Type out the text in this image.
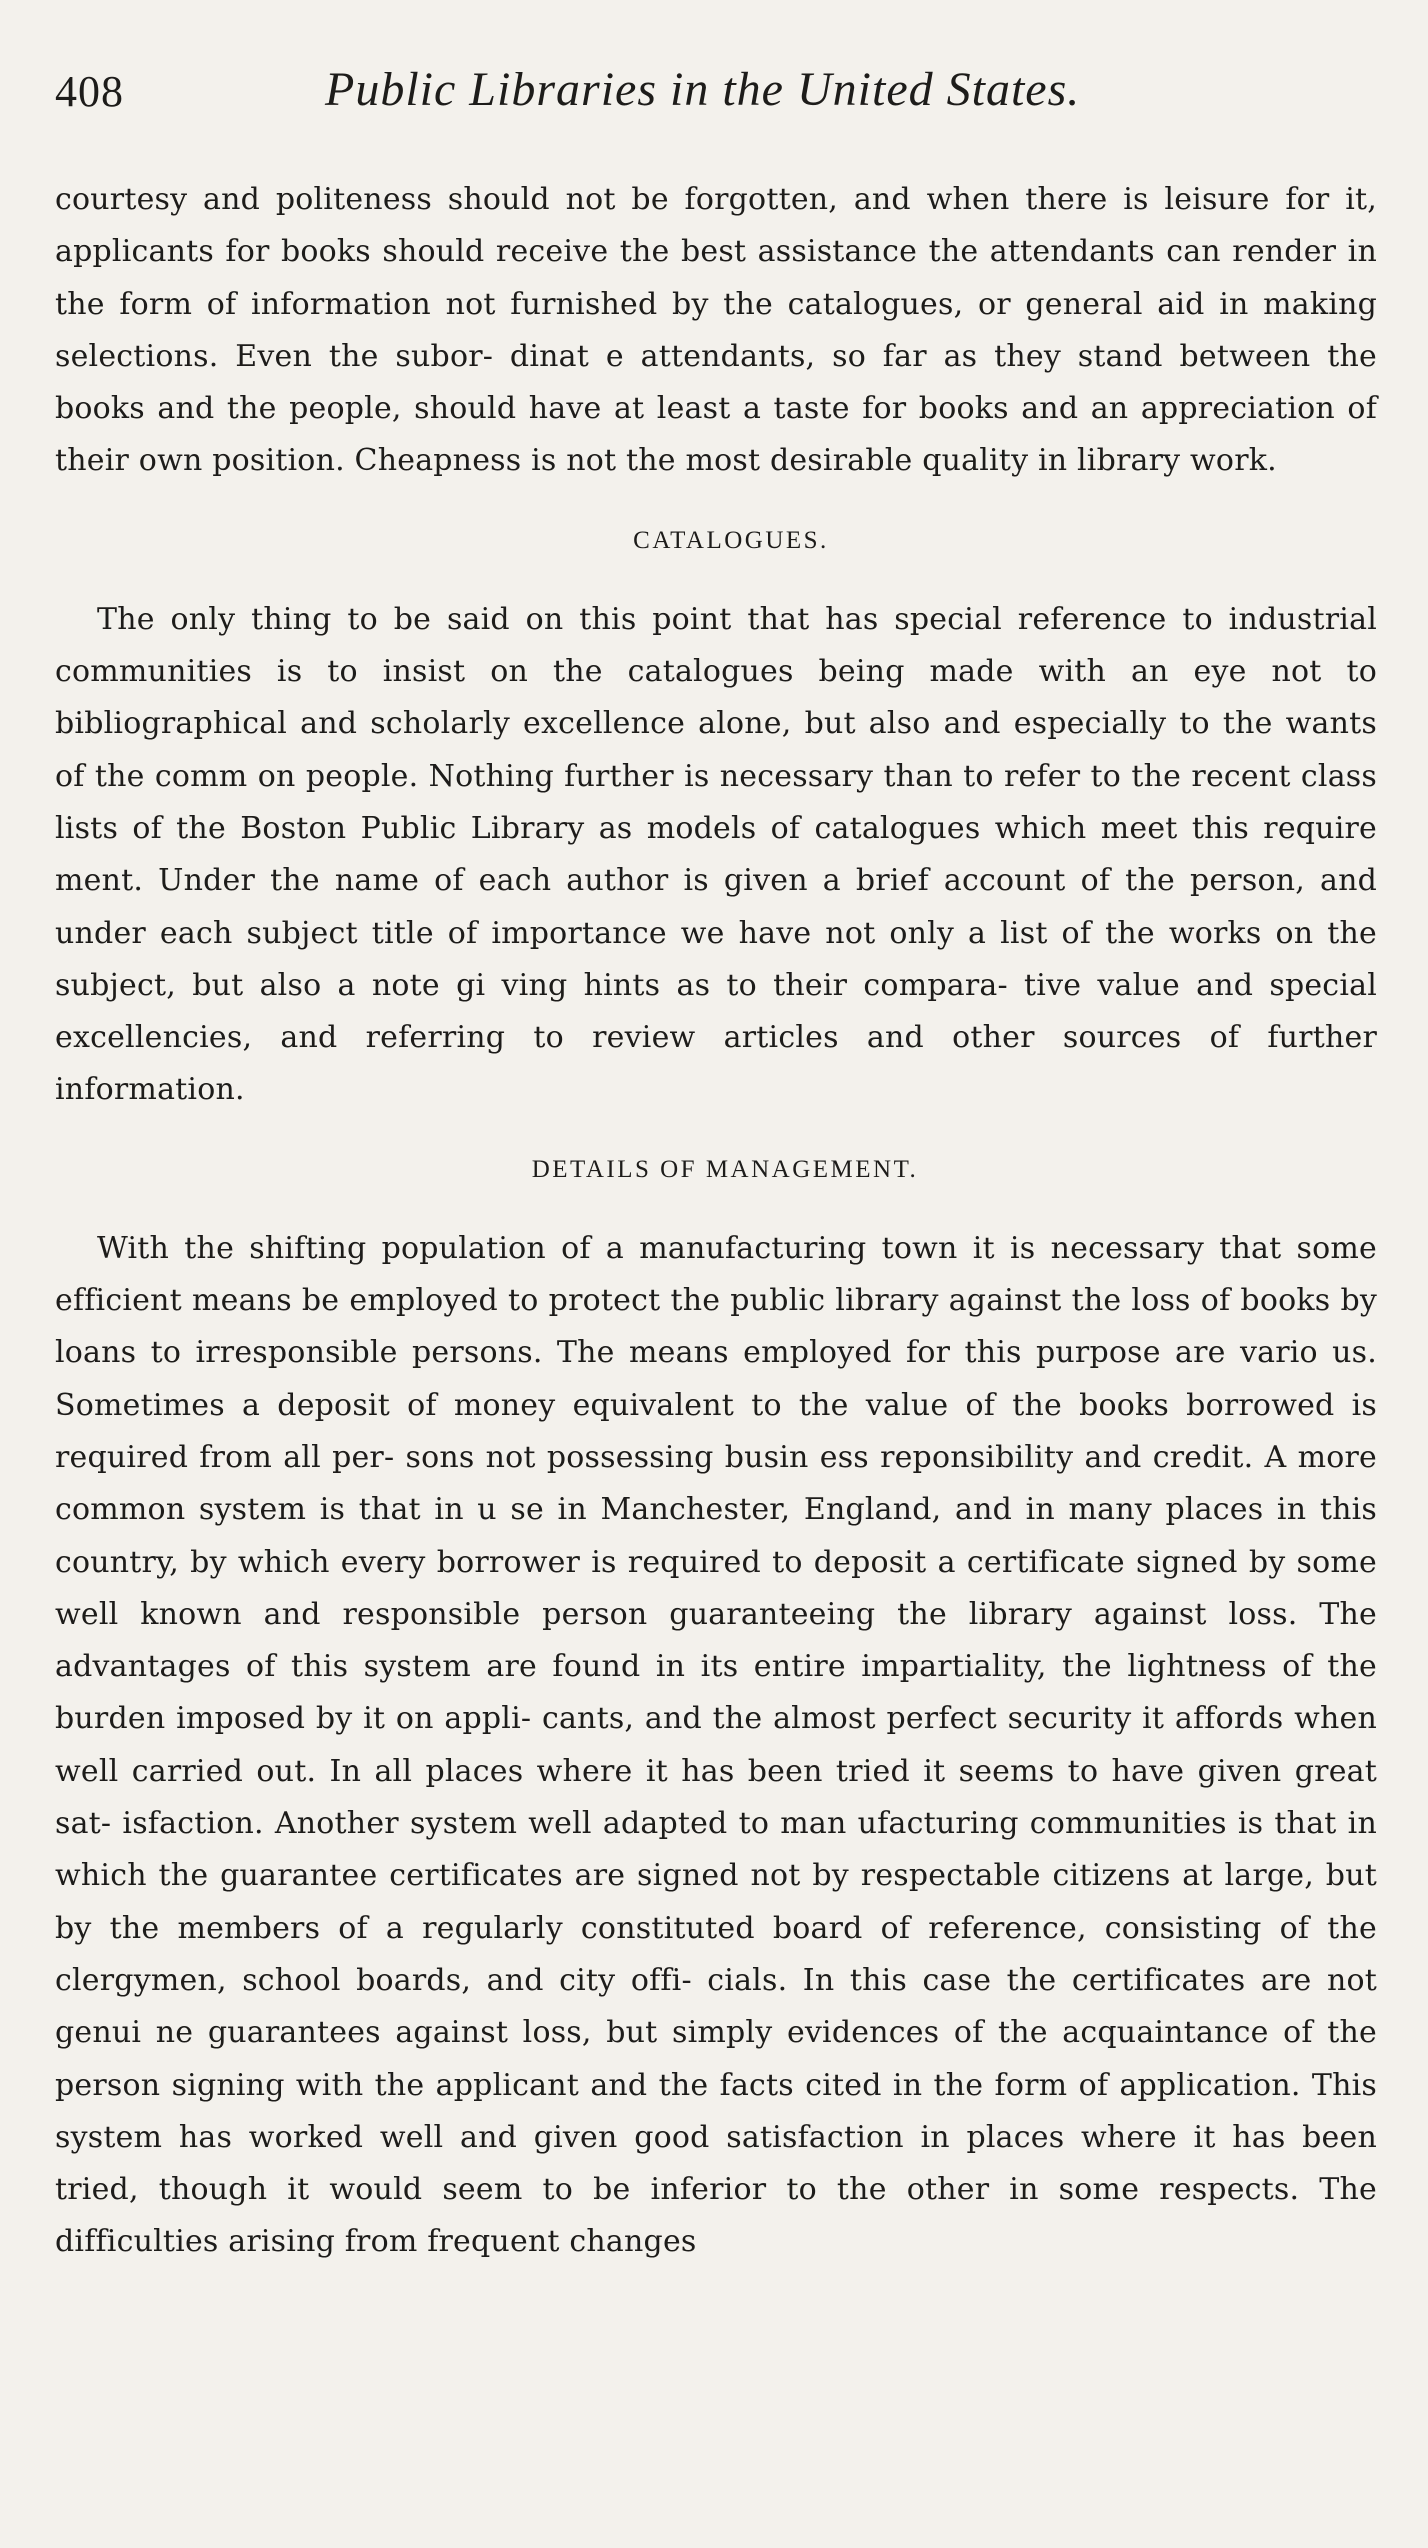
408	Public Libraries in the United States.

courtesy and politeness should not be forgotten, and when there is leisure for it, applicants for books should receive the best assistance the attendants can render in the form of information not furnished by the catalogues, or general aid in making selections. Even the subor- dinat e attendants, so far as they stand between the books and the people, should have at least a taste for books and an appreciation of their own position. Cheapness is not the most desirable quality in library work.

CATALOGUES.

The only thing to be said on this point that has special reference to industrial communities is to insist on the catalogues being made with an eye not to bibliographical and scholarly excellence alone, but also and especially to the wants of the comm on people. Nothing further is necessary than to refer to the recent class lists of the Boston Public Library as models of catalogues which meet this require ment. Under the name of each author is given a brief account of the person, and under each subject title of importance we have not only a list of the works on the subject, but also a note gi ving hints as to their compara- tive value and special excellencies, and referring to review articles and other sources of further information.

DETAILS OF MANAGEMENT.

With the shifting population of a manufacturing town it is necessary that some efficient means be employed to protect the public library against the loss of books by loans to irresponsible persons. The means employed for this purpose are vario us. Sometimes a deposit of money equivalent to the value of the books borrowed is required from all per- sons not possessing busin ess reponsibility and credit. A more common system is that in u se in Manchester, England, and in many places in this country, by which every borrower is required to deposit a certificate signed by some well known and responsible person guaranteeing the library against loss. The advantages of this system are found in its entire impartiality, the lightness of the burden imposed by it on appli- cants, and the almost perfect security it affords when well carried out. In all places where it has been tried it seems to have given great sat- isfaction. Another system well adapted to man ufacturing communities is that in which the guarantee certificates are signed not by respectable citizens at large, but by the members of a regularly constituted board of reference, consisting of the clergymen, school boards, and city offi- cials. In this case the certificates are not genui ne guarantees against loss, but simply evidences of the acquaintance of the person signing with the applicant and the facts cited in the form of application. This system has worked well and given good satisfaction in places where it has been tried, though it would seem to be inferior to the other in some respects. The difficulties arising from frequent changes
